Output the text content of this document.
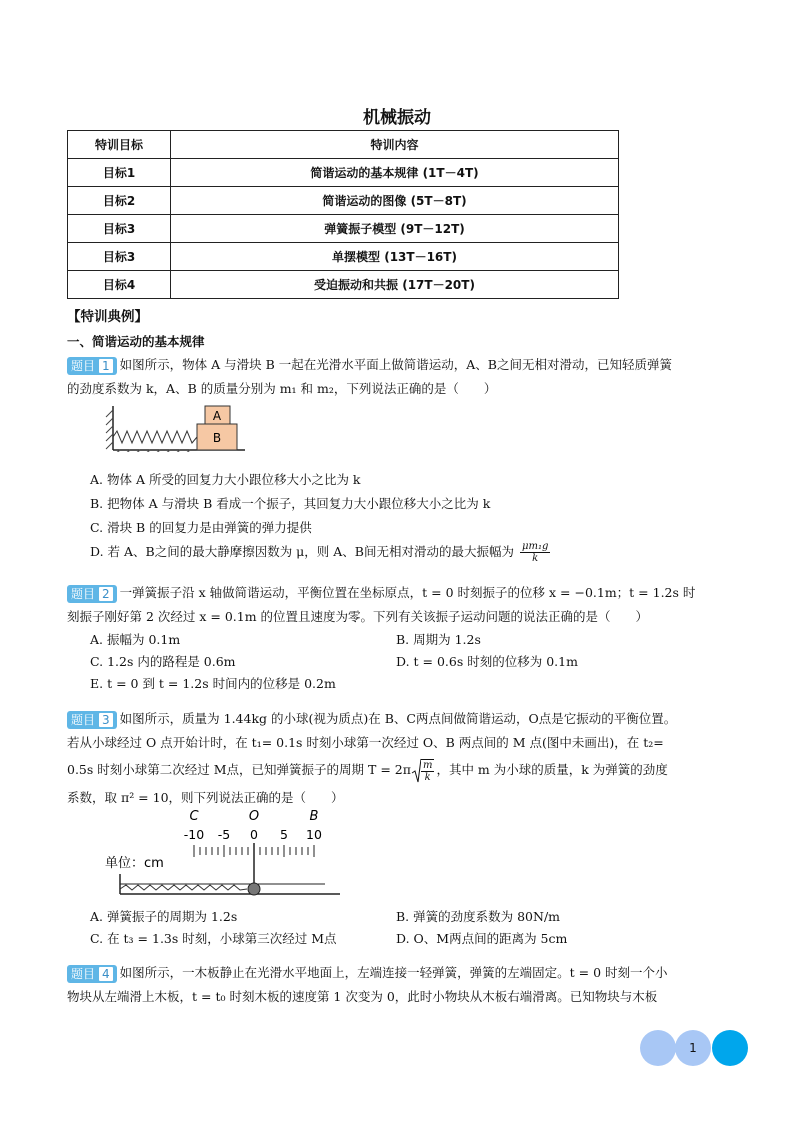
机械振动
特训目标	特训内容
目标1	简谐运动的基本规律 (1T－4T)
目标2	简谐运动的图像 (5T－8T)
目标3	弹簧振子模型 (9T－12T)
目标3	单摆模型 (13T－16T)
目标4	受迫振动和共振 (17T－20T)
【特训典例】
一、简谐运动的基本规律
题目 1 如图所示，物体 A 与滑块 B 一起在光滑水平面上做简谐运动，A、B之间无相对滑动，已知轻质弹簧
的劲度系数为 k，A、B 的质量分别为 m₁ 和 m₂，下列说法正确的是（　　）
A
B
A. 物体 A 所受的回复力大小跟位移大小之比为 k
B. 把物体 A 与滑块 B 看成一个振子，其回复力大小跟位移大小之比为 k
C. 滑块 B 的回复力是由弹簧的弹力提供
D. 若 A、B之间的最大静摩擦因数为 μ，则 A、B间无相对滑动的最大振幅为 $\frac{\text{μm₁g}}{k}$
题目 2 一弹簧振子沿 x 轴做简谐运动，平衡位置在坐标原点，t = 0 时刻振子的位移 x = −0.1m；t = 1.2s 时
刻振子刚好第 2 次经过 x = 0.1m 的位置且速度为零。下列有关该振子运动问题的说法正确的是（　　）
A. 振幅为 0.1m	B. 周期为 1.2s
C. 1.2s 内的路程是 0.6m	D. t = 0.6s 时刻的位移为 0.1m
E. t = 0 到 t = 1.2s 时间内的位移是 0.2m
题目 3 如图所示，质量为 1.44kg 的小球(视为质点)在 B、C两点间做简谐运动，O点是它振动的平衡位置。
若从小球经过 O 点开始计时，在 t₁= 0.1s 时刻小球第一次经过 O、B 两点间的 M 点(图中未画出)，在 t₂=
0.5s 时刻小球第二次经过 M点，已知弹簧振子的周期 $T = 2\pi \frac{m}{k}$ ，其中 m 为小球的质量，k 为弹簧的劲度
系数，取 π² = 10，则下列说法正确的是（　　）
C	O	B
-10 -5 0 5 10
单位：cm
A. 弹簧振子的周期为 1.2s	B. 弹簧的劲度系数为 80N/m
C. 在 t₃ = 1.3s 时刻，小球第三次经过 M点	D. O、M两点间的距离为 5cm
题目 4 如图所示，一木板静止在光滑水平地面上，左端连接一轻弹簧，弹簧的左端固定。t = 0 时刻一个小
物块从左端滑上木板，t = t₀ 时刻木板的速度第 1 次变为 0，此时小物块从木板右端滑离。已知物块与木板
1
